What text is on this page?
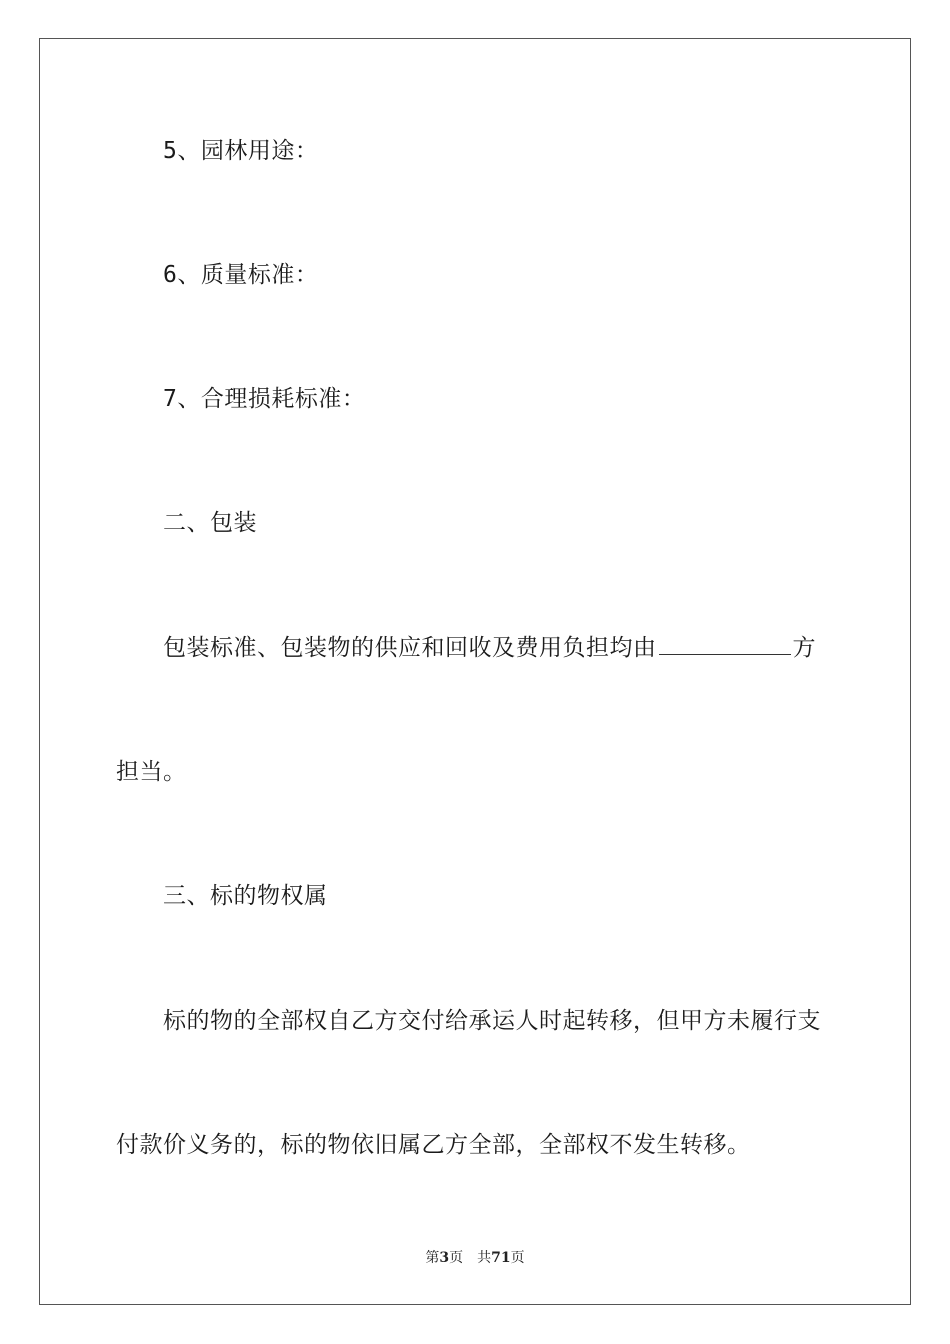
5、园林用途：
6、质量标准：
7、合理损耗标准：
二、包装
包装标准、包装物的供应和回收及费用负担均由	方
担当。
三、标的物权属
标的物的全部权自乙方交付给承运人时起转移，但甲方未履行支
付款价义务的，标的物依旧属乙方全部，全部权不发生转移。
第3页 共71页
